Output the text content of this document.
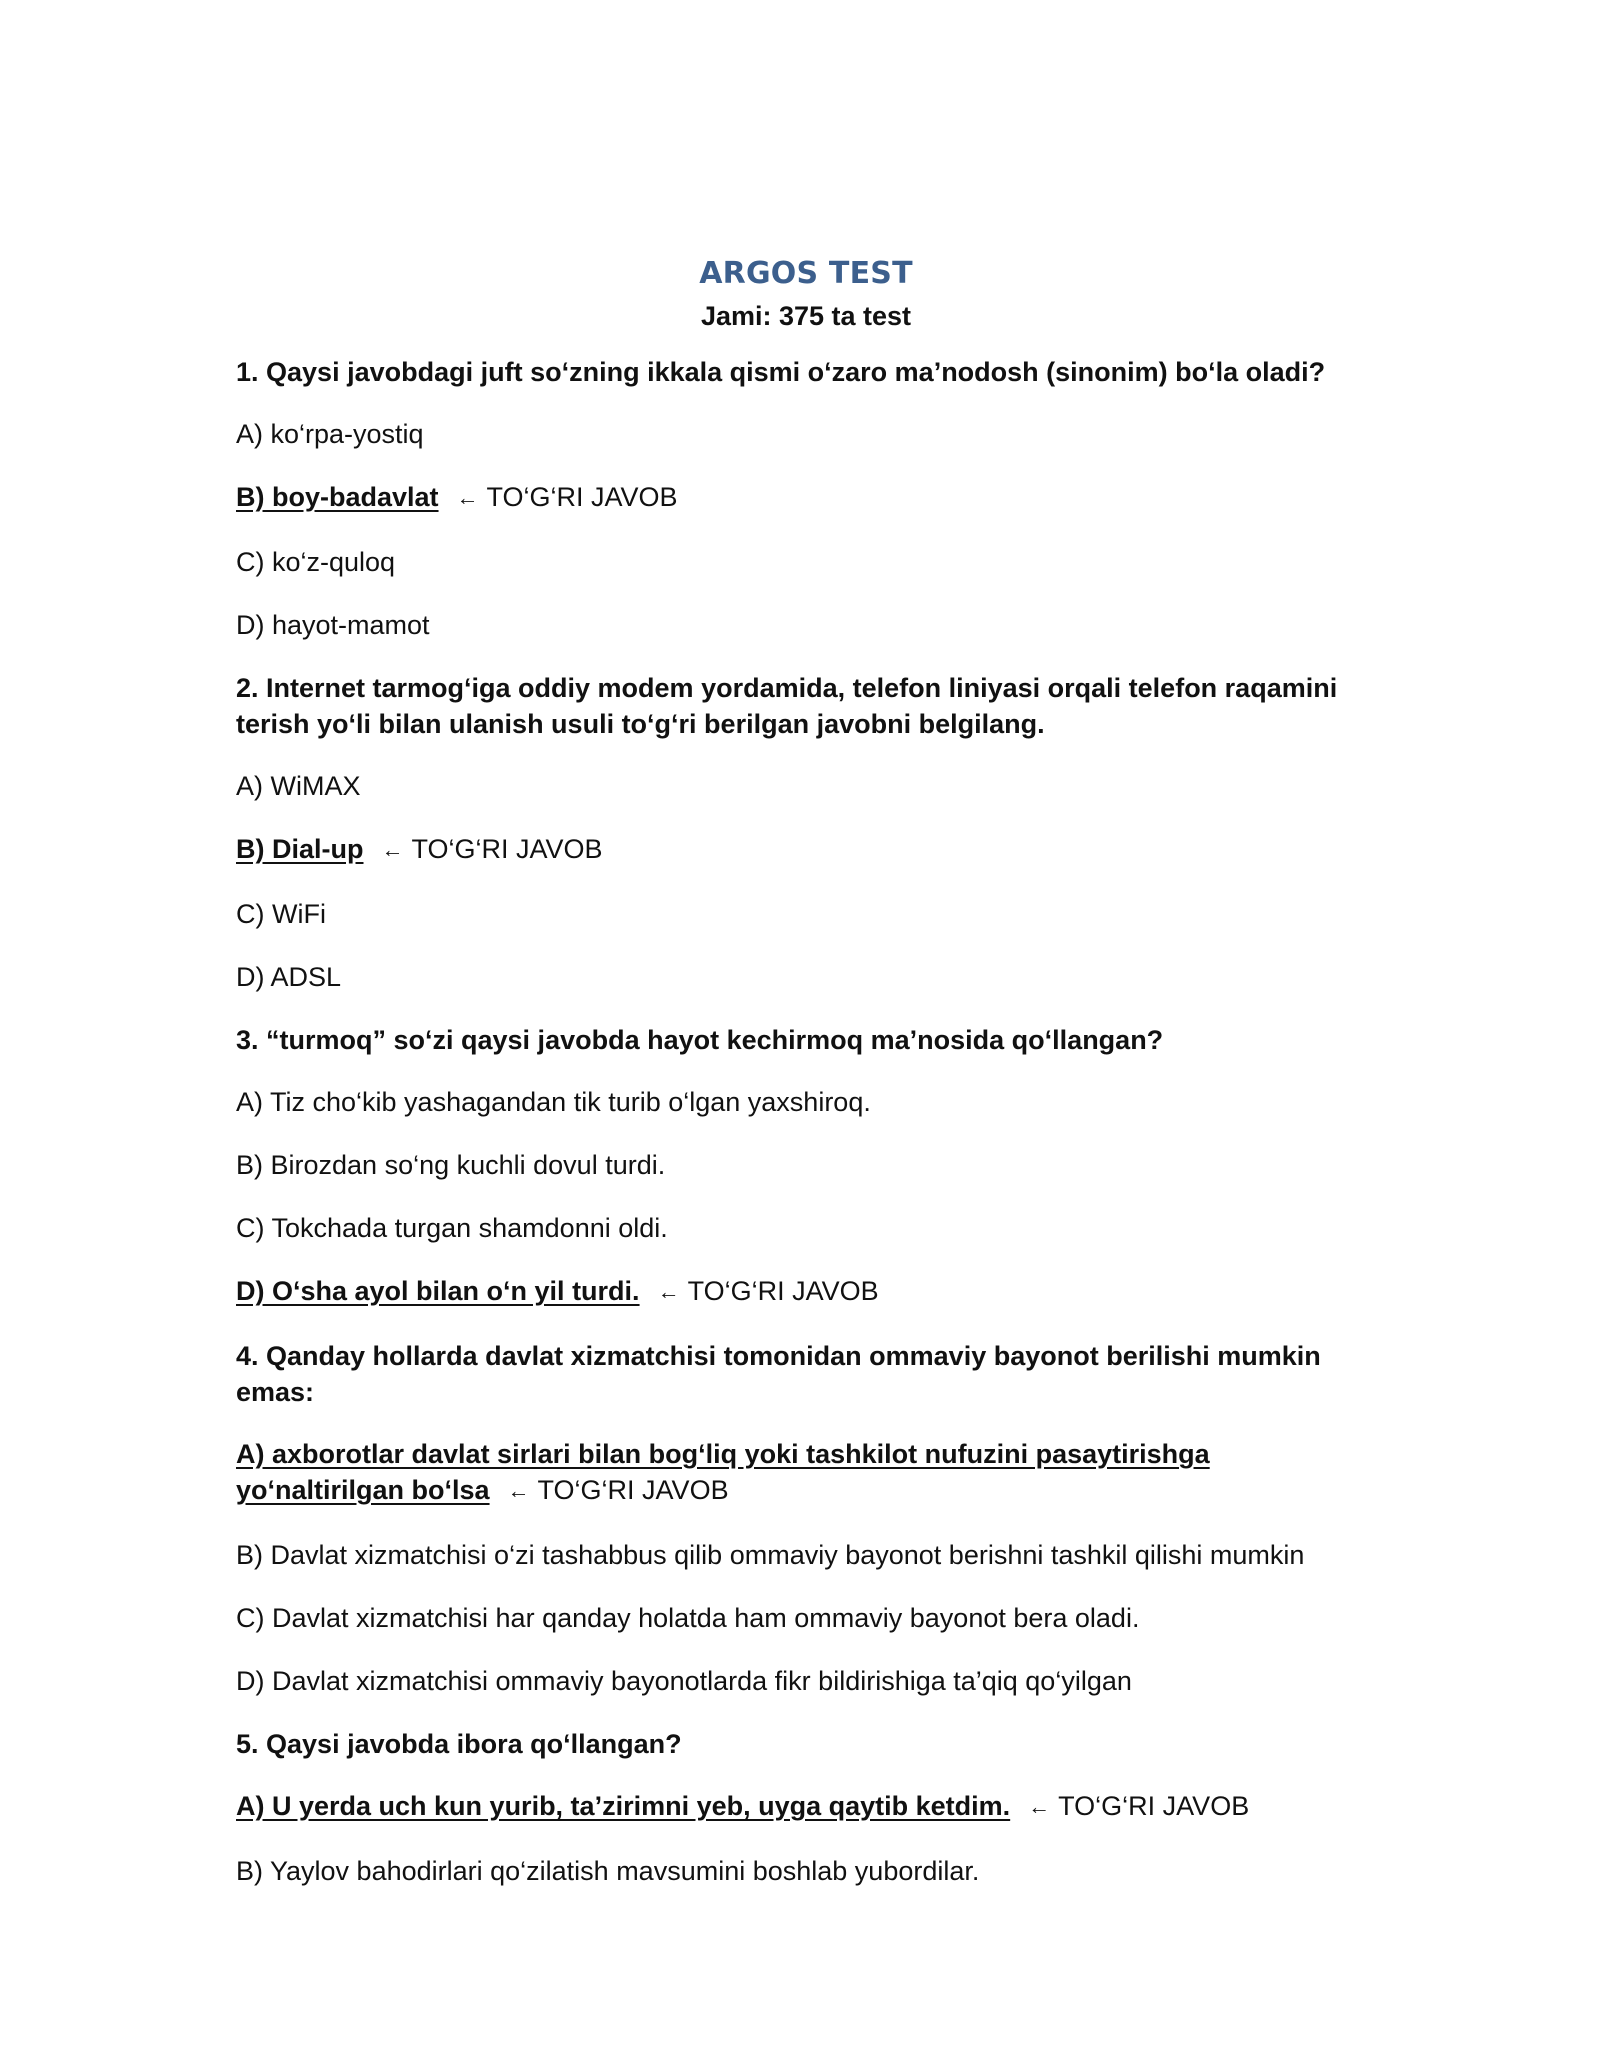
ARGOS TEST

Jami: 375 ta test

1. Qaysi javobdagi juft so‘zning ikkala qismi o‘zaro ma’nodosh (sinonim) bo‘la oladi?

A) ko‘rpa-yostiq

B) boy-badavlat ← TO‘G‘RI JAVOB

C) ko‘z-quloq

D) hayot-mamot

2. Internet tarmog‘iga oddiy modem yordamida, telefon liniyasi orqali telefon raqamini terish yo‘li bilan ulanish usuli to‘g‘ri berilgan javobni belgilang.

A) WiMAX

B) Dial-up ← TO‘G‘RI JAVOB

C) WiFi

D) ADSL

3. “turmoq” so‘zi qaysi javobda hayot kechirmoq ma’nosida qo‘llangan?

A) Tiz cho‘kib yashagandan tik turib o‘lgan yaxshiroq.

B) Birozdan so‘ng kuchli dovul turdi.

C) Tokchada turgan shamdonni oldi.

D) O‘sha ayol bilan o‘n yil turdi. ← TO‘G‘RI JAVOB

4. Qanday hollarda davlat xizmatchisi tomonidan ommaviy bayonot berilishi mumkin emas:

A) axborotlar davlat sirlari bilan bog‘liq yoki tashkilot nufuzini pasaytirishga yo‘naltirilgan bo‘lsa ← TO‘G‘RI JAVOB

B) Davlat xizmatchisi o‘zi tashabbus qilib ommaviy bayonot berishni tashkil qilishi mumkin

C) Davlat xizmatchisi har qanday holatda ham ommaviy bayonot bera oladi.

D) Davlat xizmatchisi ommaviy bayonotlarda fikr bildirishiga ta’qiq qo‘yilgan

5. Qaysi javobda ibora qo‘llangan?

A) U yerda uch kun yurib, ta’zirimni yeb, uyga qaytib ketdim. ← TO‘G‘RI JAVOB

B) Yaylov bahodirlari qo‘zilatish mavsumini boshlab yubordilar.
